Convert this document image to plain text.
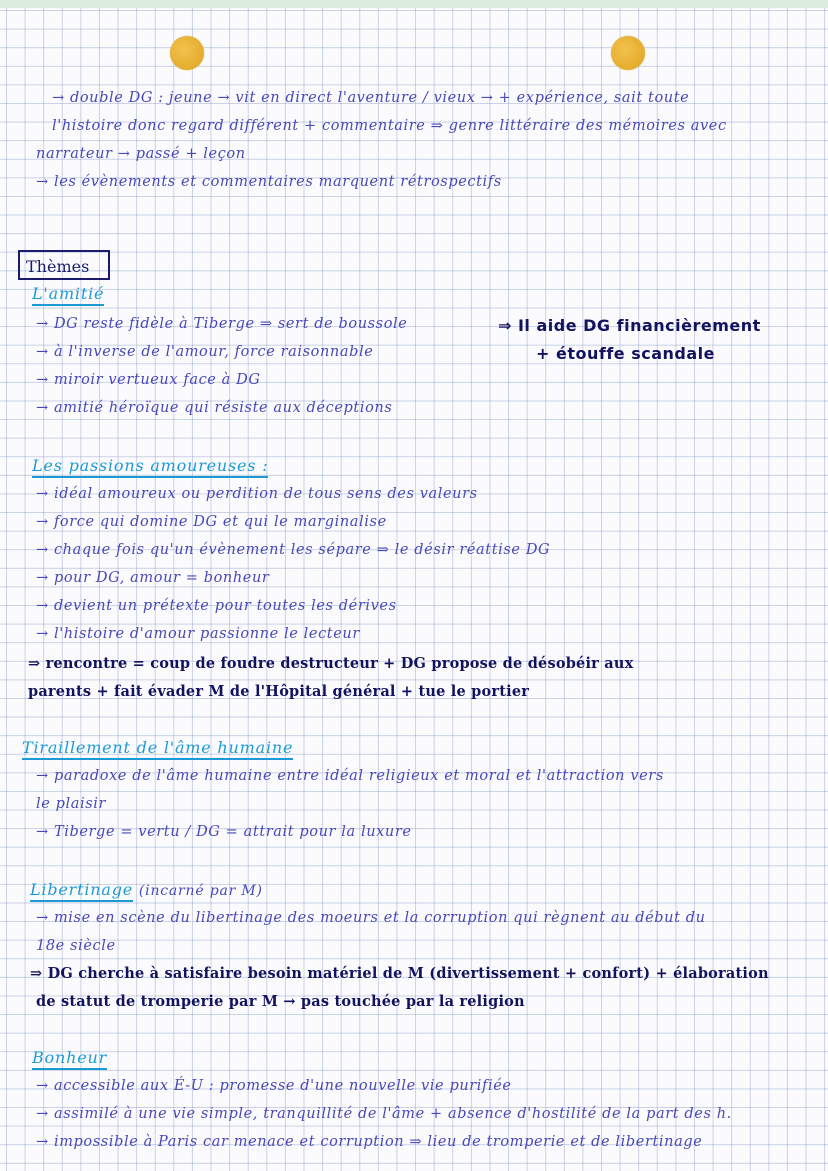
→ double DG : jeune → vit en direct l'aventure / vieux → + expérience, sait toute
l'histoire donc regard différent + commentaire ⇒ genre littéraire des mémoires avec
narrateur → passé + leçon
→ les évènements et commentaires marquent rétrospectifs
Thèmes
L'amitié
→ DG reste fidèle à Tiberge ⇒ sert de boussole
→ à l'inverse de l'amour, force raisonnable
→ miroir vertueux face à DG
→ amitié héroïque qui résiste aux déceptions
⇒ Il aide DG financièrement
+ étouffe scandale
Les passions amoureuses :
→ idéal amoureux ou perdition de tous sens des valeurs
→ force qui domine DG et qui le marginalise
→ chaque fois qu'un évènement les sépare ⇒ le désir réattise DG
→ pour DG, amour = bonheur
→ devient un prétexte pour toutes les dérives
→ l'histoire d'amour passionne le lecteur
⇒ rencontre = coup de foudre destructeur + DG propose de désobéir aux
parents + fait évader M de l'Hôpital général + tue le portier
Tiraillement de l'âme humaine
→ paradoxe de l'âme humaine entre idéal religieux et moral et l'attraction vers
le plaisir
→ Tiberge = vertu / DG = attrait pour la luxure
Libertinage (incarné par M)
→ mise en scène du libertinage des moeurs et la corruption qui règnent au début du
18e siècle
⇒ DG cherche à satisfaire besoin matériel de M (divertissement + confort) + élaboration
de statut de tromperie par M → pas touchée par la religion
Bonheur
→ accessible aux É-U : promesse d'une nouvelle vie purifiée
→ assimilé à une vie simple, tranquillité de l'âme + absence d'hostilité de la part des h.
→ impossible à Paris car menace et corruption ⇒ lieu de tromperie et de libertinage
